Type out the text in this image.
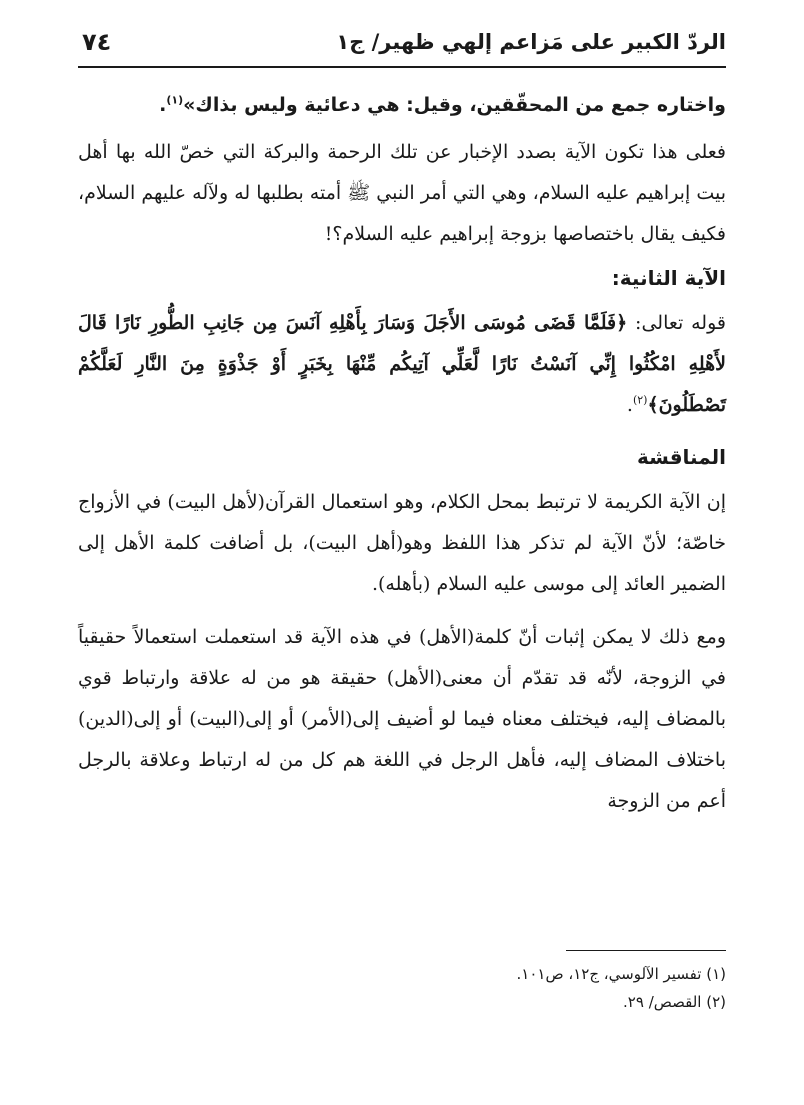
الردّ الكبير على مَزاعم إلهي ظهير/ ج١
٧٤
واختاره جمع من المحقّقين، وقيل: هي دعائية وليس بذاك»$^{(١)}$.

فعلى هذا تكون الآية بصدد الإخبار عن تلك الرحمة والبركة التي خصّ الله بها أهل بيت إبراهيم عليه السلام، وهي التي أمر النبي ﷺ أمته بطلبها له ولآله عليهم السلام، فكيف يقال باختصاصها بزوجة إبراهيم عليه السلام؟!

الآية الثانية:

قوله تعالى: ﴿فَلَمَّا قَضَى مُوسَى الأَجَلَ وَسَارَ بِأَهْلِهِ آنَسَ مِن جَانِبِ الطُّورِ نَارًا قَالَ لأَهْلِهِ امْكُثُوا إِنِّي آنَسْتُ نَارًا لَّعَلِّي آتِيكُم مِّنْهَا بِخَبَرٍ أَوْ جَذْوَةٍ مِنَ النَّارِ لَعَلَّكُمْ تَصْطَلُونَ﴾$^{(٢)}$.

المناقشة

إن الآية الكريمة لا ترتبط بمحل الكلام، وهو استعمال القرآن(لأهل البيت) في الأزواج خاصّة؛ لأنّ الآية لم تذكر هذا اللفظ وهو(أهل البيت)، بل أضافت كلمة الأهل إلى الضمير العائد إلى موسى عليه السلام (بأهله).

ومع ذلك لا يمكن إثبات أنّ كلمة(الأهل) في هذه الآية قد استعملت استعمالاً حقيقياً في الزوجة، لأنّه قد تقدّم أن معنى(الأهل) حقيقة هو من له علاقة وارتباط قوي بالمضاف إليه، فيختلف معناه فيما لو أضيف إلى(الأمر) أو إلى(البيت) أو إلى(الدين) باختلاف المضاف إليه، فأهل الرجل في اللغة هم كل من له ارتباط وعلاقة بالرجل أعم من الزوجة

(١) تفسير الآلوسي، ج١٢، ص١٠١.
(٢) القصص/ ٢٩.
